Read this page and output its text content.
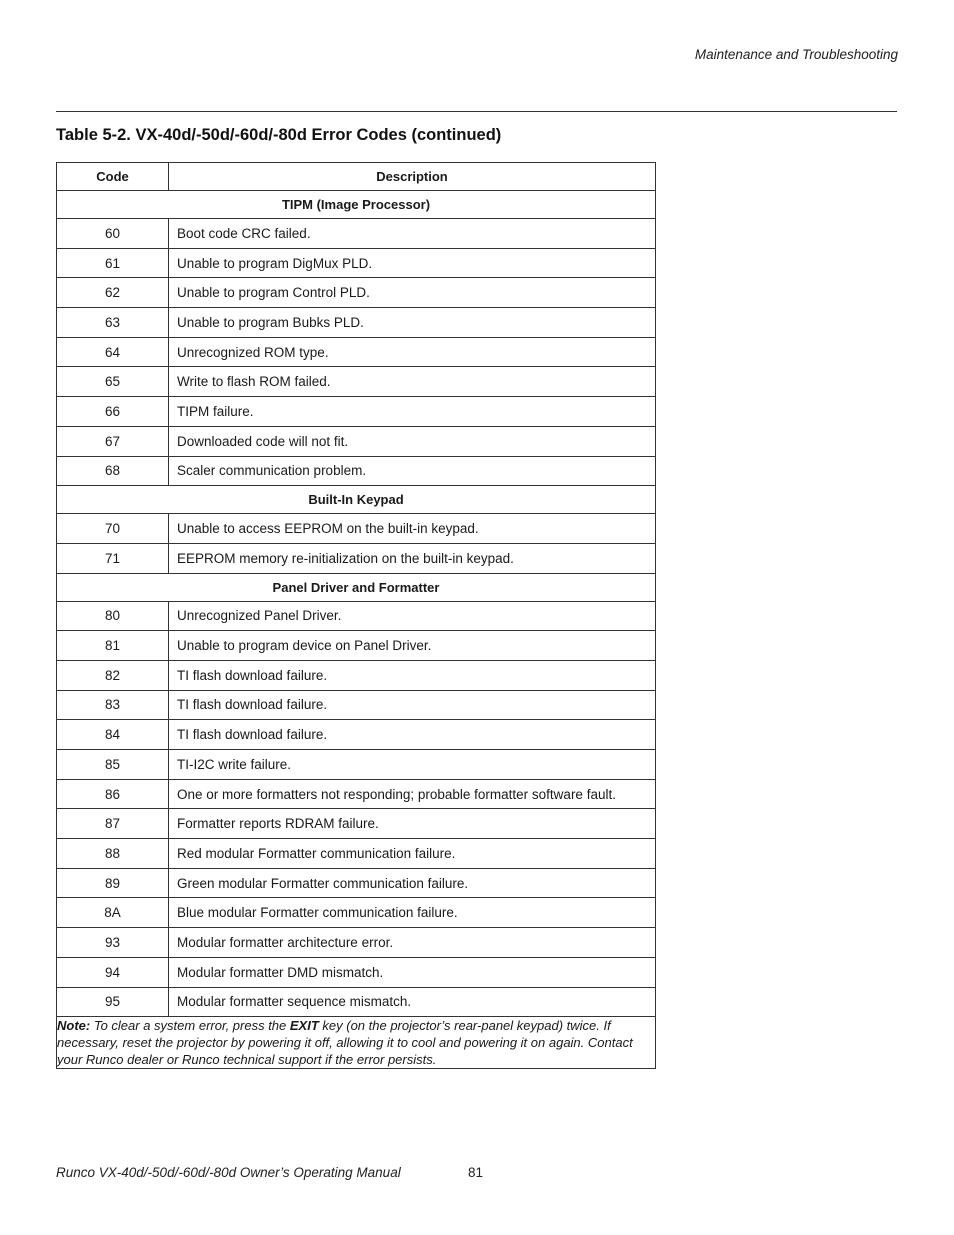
Maintenance and Troubleshooting
Table 5-2. VX-40d/-50d/-60d/-80d Error Codes (continued)
Code	Description
TIPM (Image Processor)	
60	Boot code CRC failed.
61	Unable to program DigMux PLD.
62	Unable to program Control PLD.
63	Unable to program Bubks PLD.
64	Unrecognized ROM type.
65	Write to flash ROM failed.
66	TIPM failure.
67	Downloaded code will not fit.
68	Scaler communication problem.
Built-In Keypad	
70	Unable to access EEPROM on the built-in keypad.
71	EEPROM memory re-initialization on the built-in keypad.
Panel Driver and Formatter	
80	Unrecognized Panel Driver.
81	Unable to program device on Panel Driver.
82	TI flash download failure.
83	TI flash download failure.
84	TI flash download failure.
85	TI-I2C write failure.
86	One or more formatters not responding; probable formatter software fault.
87	Formatter reports RDRAM failure.
88	Red modular Formatter communication failure.
89	Green modular Formatter communication failure.
8A	Blue modular Formatter communication failure.
93	Modular formatter architecture error.
94	Modular formatter DMD mismatch.
95	Modular formatter sequence mismatch.
Note: To clear a system error, press the EXIT key (on the projector’s rear-panel keypad) twice. If necessary, reset the projector by powering it off, allowing it to cool and powering it on again. Contact your Runco dealer or Runco technical support if the error persists.	
Runco VX-40d/-50d/-60d/-80d Owner’s Operating Manual	81
